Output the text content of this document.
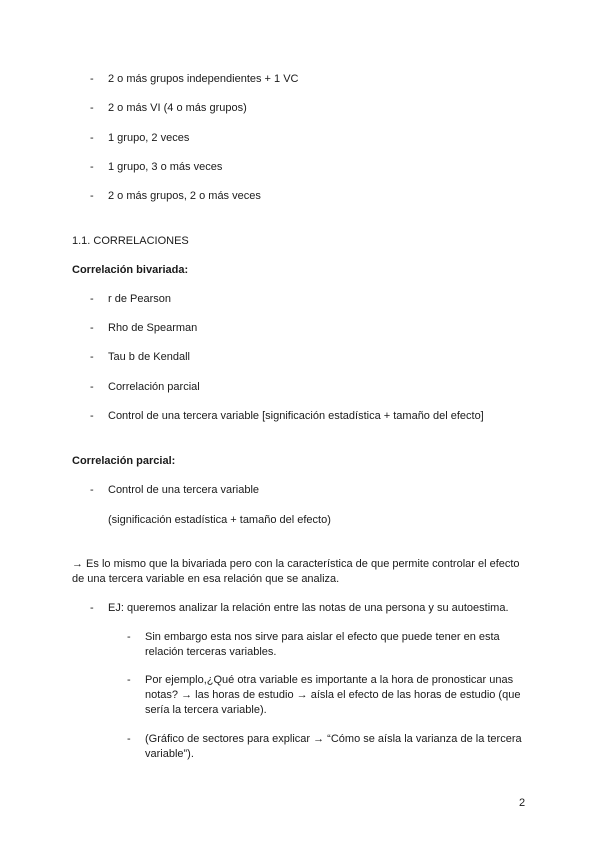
- 2 o más grupos independientes + 1 VC
- 2 o más VI (4 o más grupos)
- 1 grupo, 2 veces
- 1 grupo, 3 o más veces
- 2 o más grupos, 2 o más veces
1.1. CORRELACIONES
Correlación bivariada:
- r de Pearson
- Rho de Spearman
- Tau b de Kendall
- Correlación parcial
- Control de una tercera variable [significación estadística + tamaño del efecto]
Correlación parcial:
- Control de una tercera variable
(significación estadística + tamaño del efecto)
→ Es lo mismo que la bivariada pero con la característica de que permite controlar el efecto
de una tercera variable en esa relación que se analiza.
- EJ: queremos analizar la relación entre las notas de una persona y su autoestima.
- Sin embargo esta nos sirve para aislar el efecto que puede tener en esta
relación terceras variables.
- Por ejemplo,¿Qué otra variable es importante a la hora de pronosticar unas
notas? → las horas de estudio → aísla el efecto de las horas de estudio (que
sería la tercera variable).
- (Gráfico de sectores para explicar → “Cómo se aísla la varianza de la tercera
variable”).
2
